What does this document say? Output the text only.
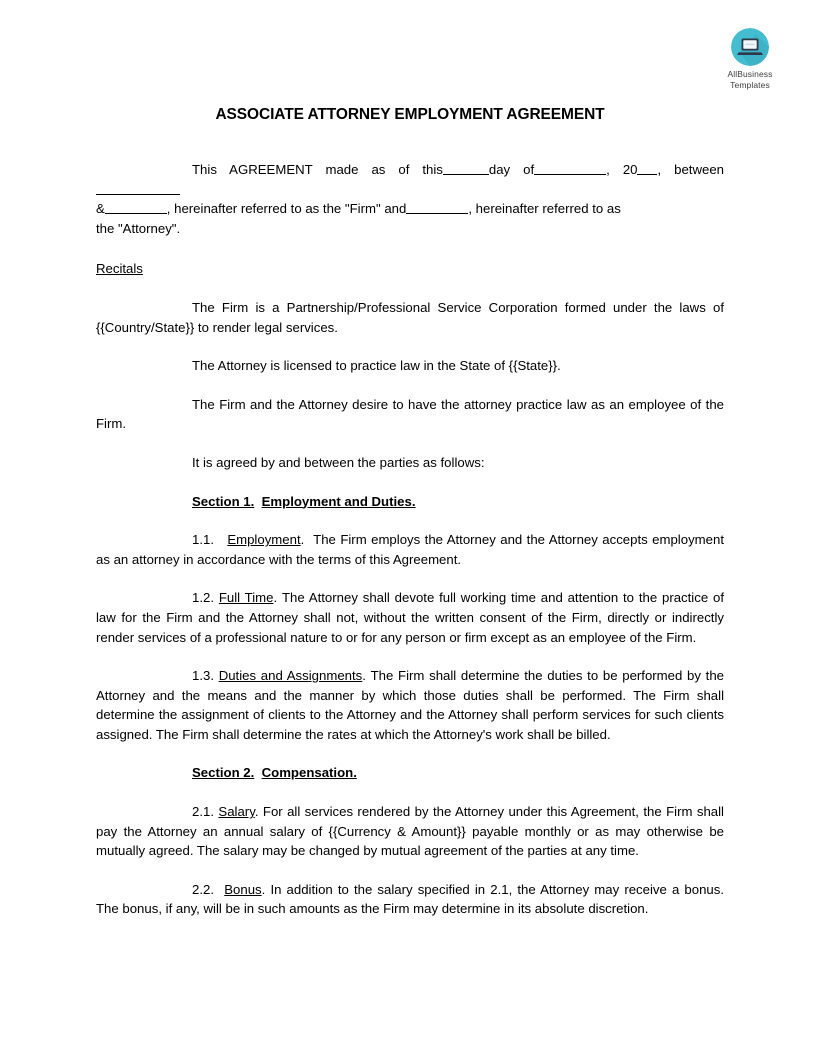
AllBusiness
Templates
ASSOCIATE ATTORNEY EMPLOYMENT AGREEMENT

This AGREEMENT made as of this	day of	, 20 , between
&	, hereinafter referred to as the "Firm" and	, hereinafter referred to as
the "Attorney".

Recitals

The Firm is a Partnership/Professional Service Corporation formed under the laws of {{Country/State}} to render legal services.

The Attorney is licensed to practice law in the State of {{State}}.

The Firm and the Attorney desire to have the attorney practice law as an employee of the Firm.

It is agreed by and between the parties as follows:

Section 1. Employment and Duties.

1.1. Employment. The Firm employs the Attorney and the Attorney accepts employment as an attorney in accordance with the terms of this Agreement.

1.2. Full Time. The Attorney shall devote full working time and attention to the practice of law for the Firm and the Attorney shall not, without the written consent of the Firm, directly or indirectly render services of a professional nature to or for any person or firm except as an employee of the Firm.

1.3. Duties and Assignments. The Firm shall determine the duties to be performed by the Attorney and the means and the manner by which those duties shall be performed. The Firm shall determine the assignment of clients to the Attorney and the Attorney shall perform services for such clients assigned. The Firm shall determine the rates at which the Attorney's work shall be billed.

Section 2. Compensation.

2.1. Salary. For all services rendered by the Attorney under this Agreement, the Firm shall pay the Attorney an annual salary of {{Currency & Amount}} payable monthly or as may otherwise be mutually agreed. The salary may be changed by mutual agreement of the parties at any time.

2.2. Bonus. In addition to the salary specified in 2.1, the Attorney may receive a bonus. The bonus, if any, will be in such amounts as the Firm may determine in its absolute discretion.
